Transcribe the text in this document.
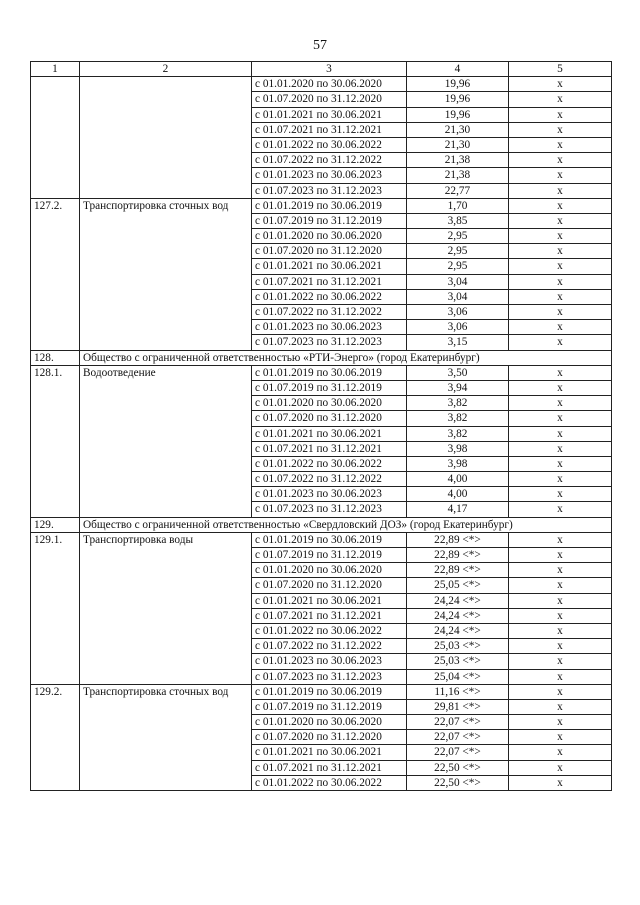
57
1	2	3	4	5
		с 01.01.2020 по 30.06.2020	19,96	х
		с 01.07.2020 по 31.12.2020	19,96	х
		с 01.01.2021 по 30.06.2021	19,96	х
		с 01.07.2021 по 31.12.2021	21,30	х
		с 01.01.2022 по 30.06.2022	21,30	х
		с 01.07.2022 по 31.12.2022	21,38	х
		с 01.01.2023 по 30.06.2023	21,38	х
		с 01.07.2023 по 31.12.2023	22,77	х
127.2.	Транспортировка сточных вод	с 01.01.2019 по 30.06.2019	1,70	х
		с 01.07.2019 по 31.12.2019	3,85	х
		с 01.01.2020 по 30.06.2020	2,95	х
		с 01.07.2020 по 31.12.2020	2,95	х
		с 01.01.2021 по 30.06.2021	2,95	х
		с 01.07.2021 по 31.12.2021	3,04	х
		с 01.01.2022 по 30.06.2022	3,04	х
		с 01.07.2022 по 31.12.2022	3,06	х
		с 01.01.2023 по 30.06.2023	3,06	х
		с 01.07.2023 по 31.12.2023	3,15	х
128.	Общество с ограниченной ответственностью «РТИ-Энерго» (город Екатеринбург)			
128.1.	Водоотведение	с 01.01.2019 по 30.06.2019	3,50	х
		с 01.07.2019 по 31.12.2019	3,94	х
		с 01.01.2020 по 30.06.2020	3,82	х
		с 01.07.2020 по 31.12.2020	3,82	х
		с 01.01.2021 по 30.06.2021	3,82	х
		с 01.07.2021 по 31.12.2021	3,98	х
		с 01.01.2022 по 30.06.2022	3,98	х
		с 01.07.2022 по 31.12.2022	4,00	х
		с 01.01.2023 по 30.06.2023	4,00	х
		с 01.07.2023 по 31.12.2023	4,17	х
129.	Общество с ограниченной ответственностью «Свердловский ДОЗ» (город Екатеринбург)			
129.1.	Транспортировка воды	с 01.01.2019 по 30.06.2019	22,89 <*>	х
		с 01.07.2019 по 31.12.2019	22,89 <*>	х
		с 01.01.2020 по 30.06.2020	22,89 <*>	х
		с 01.07.2020 по 31.12.2020	25,05 <*>	х
		с 01.01.2021 по 30.06.2021	24,24 <*>	х
		с 01.07.2021 по 31.12.2021	24,24 <*>	х
		с 01.01.2022 по 30.06.2022	24,24 <*>	х
		с 01.07.2022 по 31.12.2022	25,03 <*>	х
		с 01.01.2023 по 30.06.2023	25,03 <*>	х
		с 01.07.2023 по 31.12.2023	25,04 <*>	х
129.2.	Транспортировка сточных вод	с 01.01.2019 по 30.06.2019	11,16 <*>	х
		с 01.07.2019 по 31.12.2019	29,81 <*>	х
		с 01.01.2020 по 30.06.2020	22,07 <*>	х
		с 01.07.2020 по 31.12.2020	22,07 <*>	х
		с 01.01.2021 по 30.06.2021	22,07 <*>	х
		с 01.07.2021 по 31.12.2021	22,50 <*>	х
		с 01.01.2022 по 30.06.2022	22,50 <*>	х
